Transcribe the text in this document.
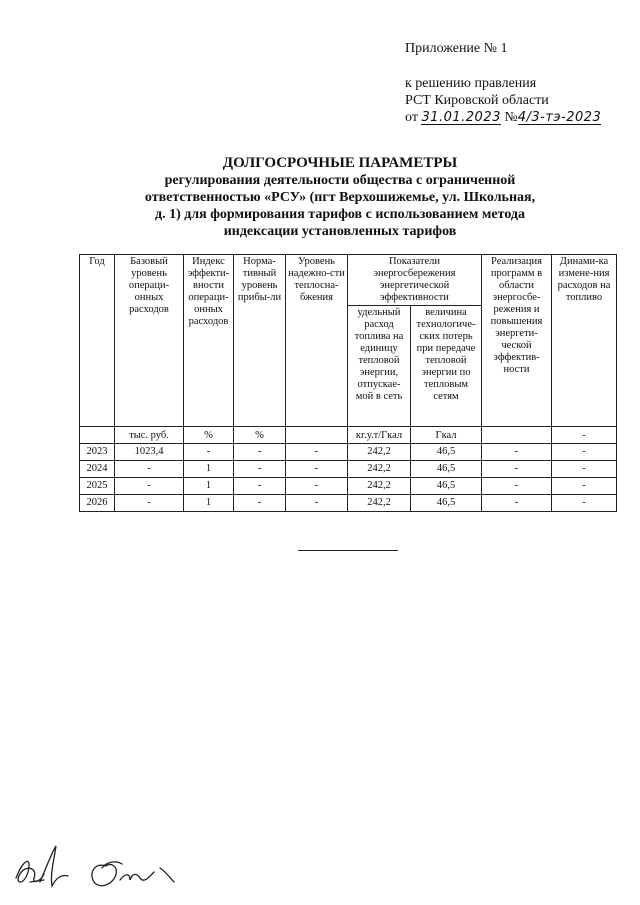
Приложение № 1
к решению правления
РСТ Кировской области
от 31.01.2023 №4/3-тэ-2023
ДОЛГОСРОЧНЫЕ ПАРАМЕТРЫ
регулирования деятельности общества с ограниченной
ответственностью «РСУ» (пгт Верхошижемье, ул. Школьная,
д. 1) для формирования тарифов с использованием метода
индексации установленных тарифов
Год	Базовый уровень операци-онных расходов	Индекс эффекти-вности операци-онных расходов	Норма-тивный уровень прибы-ли	Уровень надежно-сти теплосна-бжения	Показатели энергосбережения энергетической эффективности		Реализация программ в области энергосбе-режения и повышения энергети-ческой эффектив-ности	Динами-ка измене-ния расходов на топливо
					удельный расход топлива на единицу тепловой энергии, отпускае-мой в сеть	величина технологиче-ских потерь при передаче тепловой энергии по тепловым сетям		
	тыс. руб.	%	%		кг.у.т/Гкал	Гкал		-
2023	1023,4	-	-	-	242,2	46,5	-	-
2024	-	1	-	-	242,2	46,5	-	-
2025	-	1	-	-	242,2	46,5	-	-
2026	-	1	-	-	242,2	46,5	-	-
